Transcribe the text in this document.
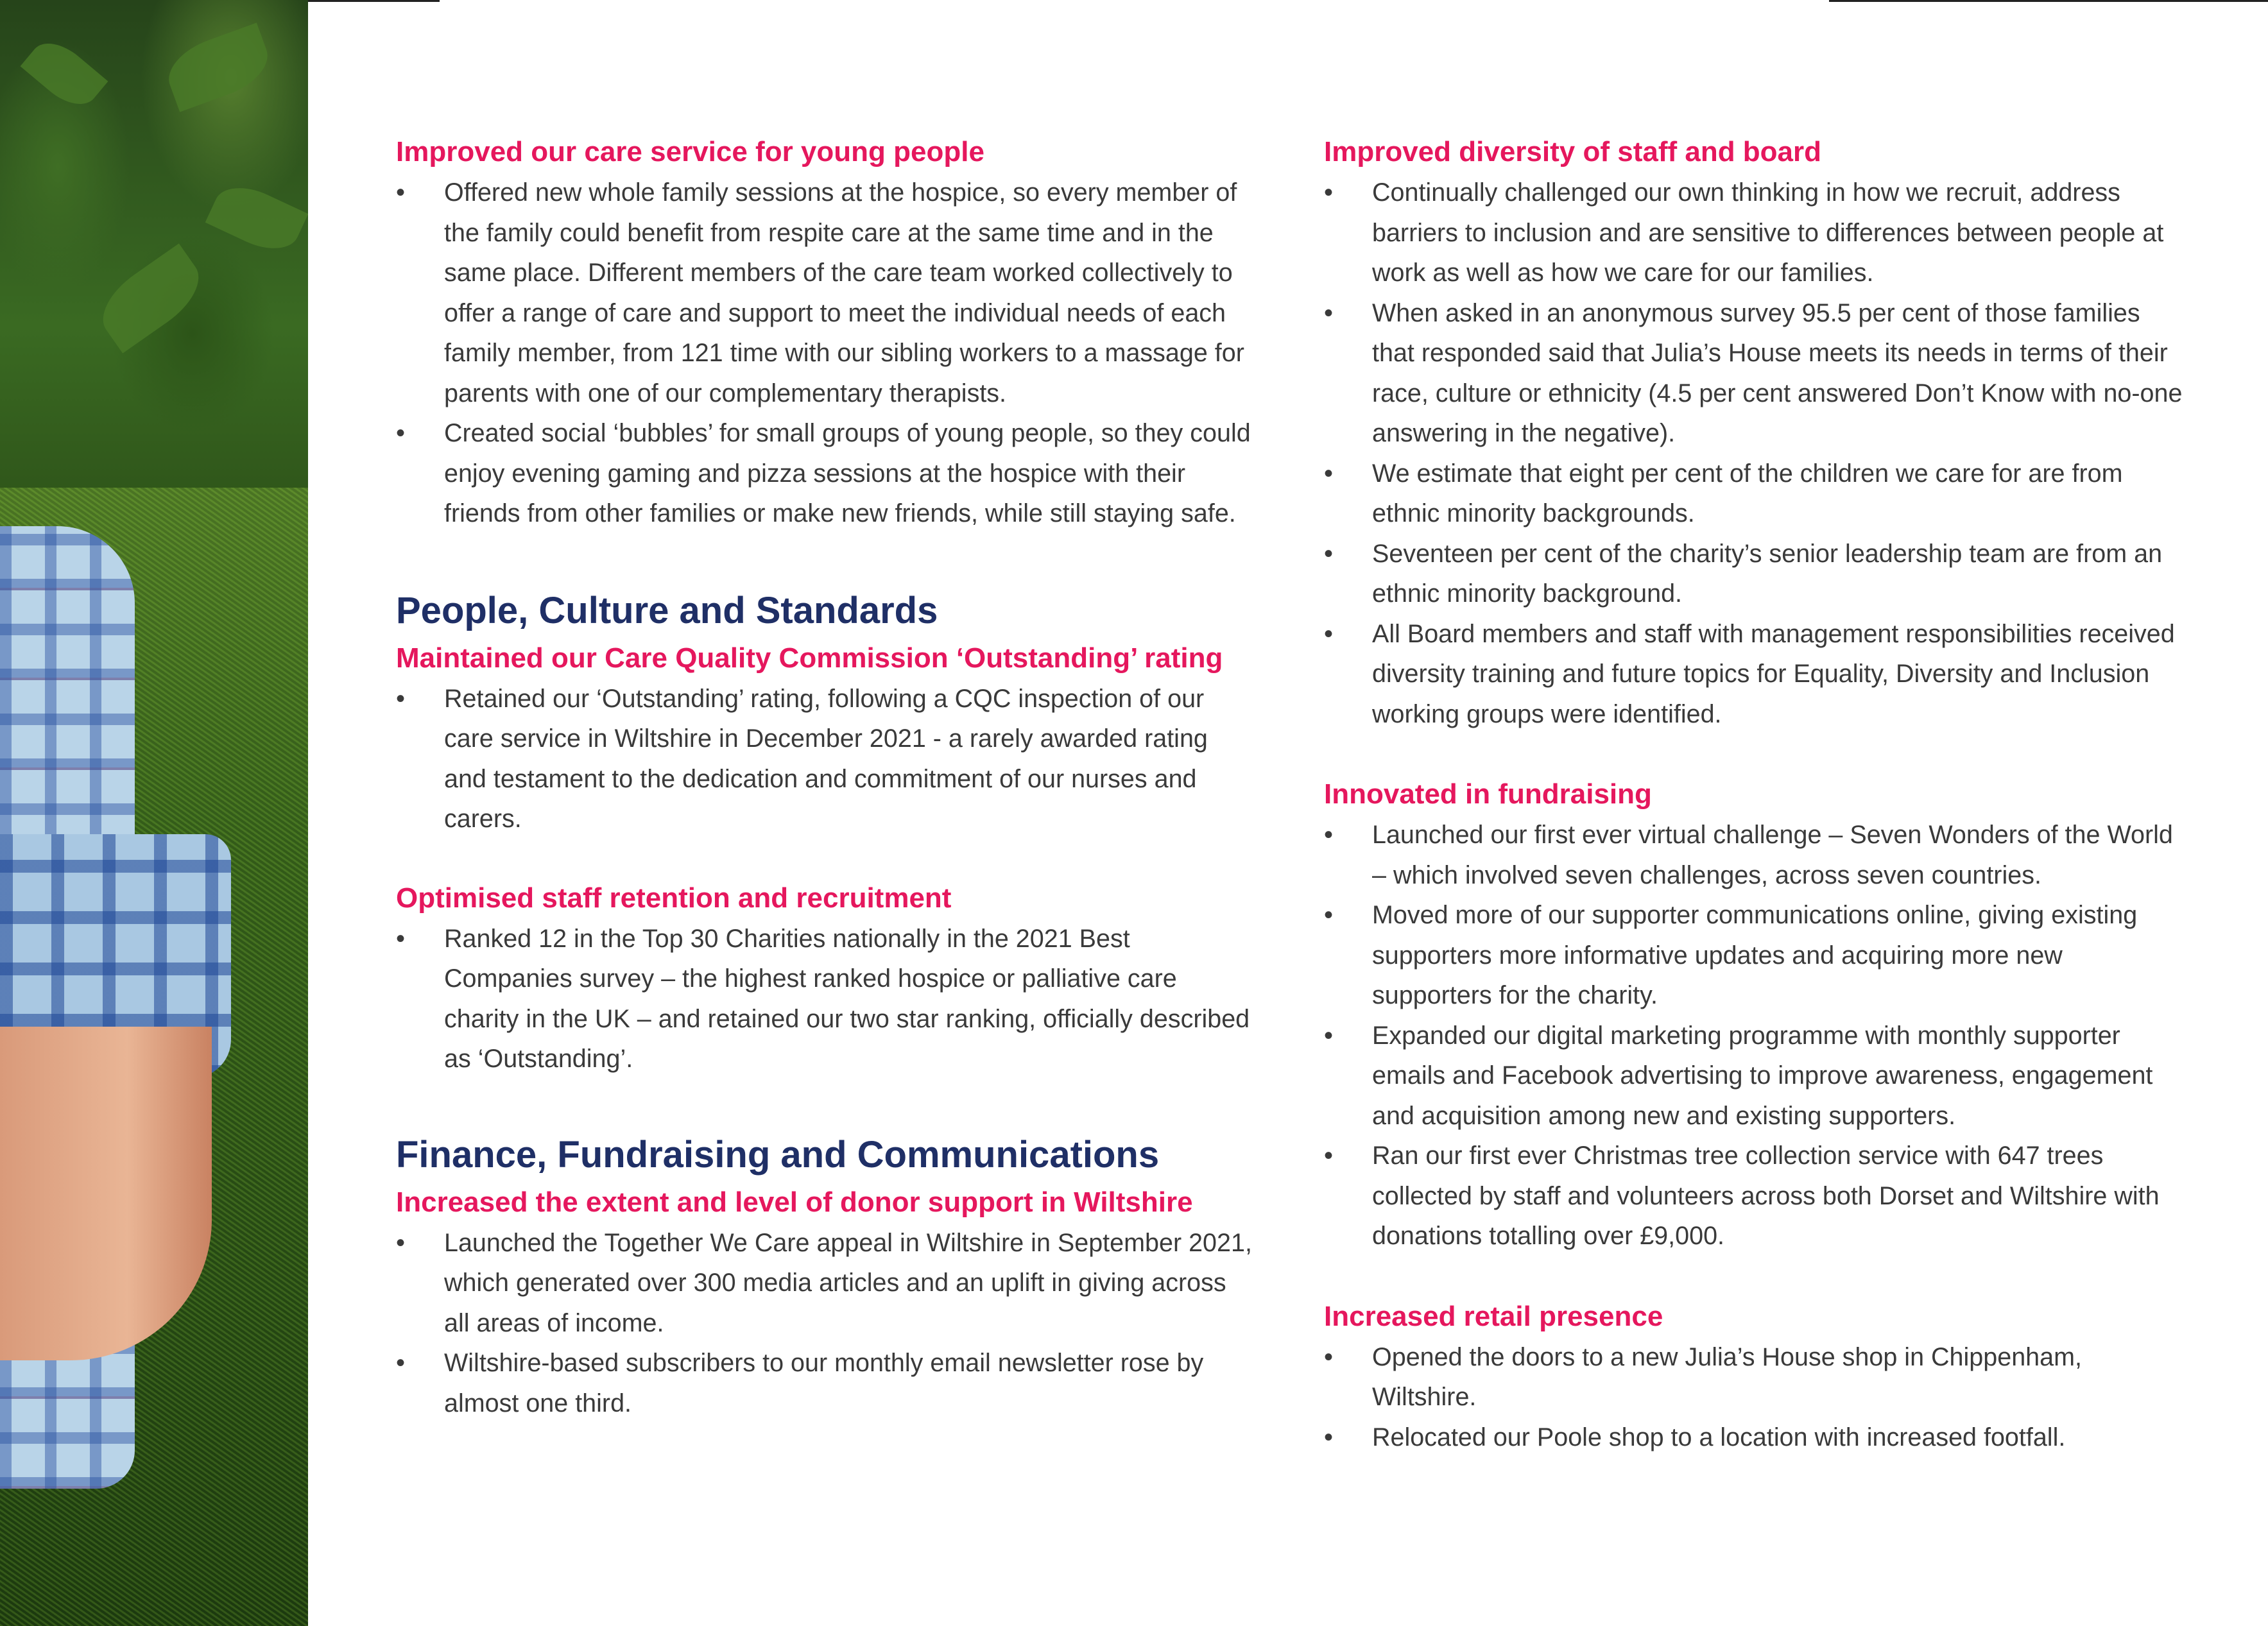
Improved our care service for young people
• Offered new whole family sessions at the hospice, so every member of the family could benefit from respite care at the same time and in the same place. Different members of the care team worked collectively to offer a range of care and support to meet the individual needs of each family member, from 121 time with our sibling workers to a massage for parents with one of our complementary therapists.
• Created social ‘bubbles’ for small groups of young people, so they could enjoy evening gaming and pizza sessions at the hospice with their friends from other families or make new friends, while still staying safe.
People, Culture and Standards
Maintained our Care Quality Commission ‘Outstanding’ rating
• Retained our ‘Outstanding’ rating, following a CQC inspection of our care service in Wiltshire in December 2021 - a rarely awarded rating and testament to the dedication and commitment of our nurses and carers.
Optimised staff retention and recruitment
• Ranked 12 in the Top 30 Charities nationally in the 2021 Best Companies survey – the highest ranked hospice or palliative care charity in the UK – and retained our two star ranking, officially described as ‘Outstanding’.
Finance, Fundraising and Communications
Increased the extent and level of donor support in Wiltshire
• Launched the Together We Care appeal in Wiltshire in September 2021, which generated over 300 media articles and an uplift in giving across all areas of income.
• Wiltshire-based subscribers to our monthly email newsletter rose by almost one third.
Improved diversity of staff and board
• Continually challenged our own thinking in how we recruit, address barriers to inclusion and are sensitive to differences between people at work as well as how we care for our families.
• When asked in an anonymous survey 95.5 per cent of those families that responded said that Julia’s House meets its needs in terms of their race, culture or ethnicity (4.5 per cent answered Don’t Know with no-one answering in the negative).
• We estimate that eight per cent of the children we care for are from ethnic minority backgrounds.
• Seventeen per cent of the charity’s senior leadership team are from an ethnic minority background.
• All Board members and staff with management responsibilities received diversity training and future topics for Equality, Diversity and Inclusion working groups were identified.
Innovated in fundraising
• Launched our first ever virtual challenge – Seven Wonders of the World – which involved seven challenges, across seven countries.
• Moved more of our supporter communications online, giving existing supporters more informative updates and acquiring more new supporters for the charity.
• Expanded our digital marketing programme with monthly supporter emails and Facebook advertising to improve awareness, engagement and acquisition among new and existing supporters.
• Ran our first ever Christmas tree collection service with 647 trees collected by staff and volunteers across both Dorset and Wiltshire with donations totalling over £9,000.
Increased retail presence
• Opened the doors to a new Julia’s House shop in Chippenham, Wiltshire.
• Relocated our Poole shop to a location with increased footfall.
